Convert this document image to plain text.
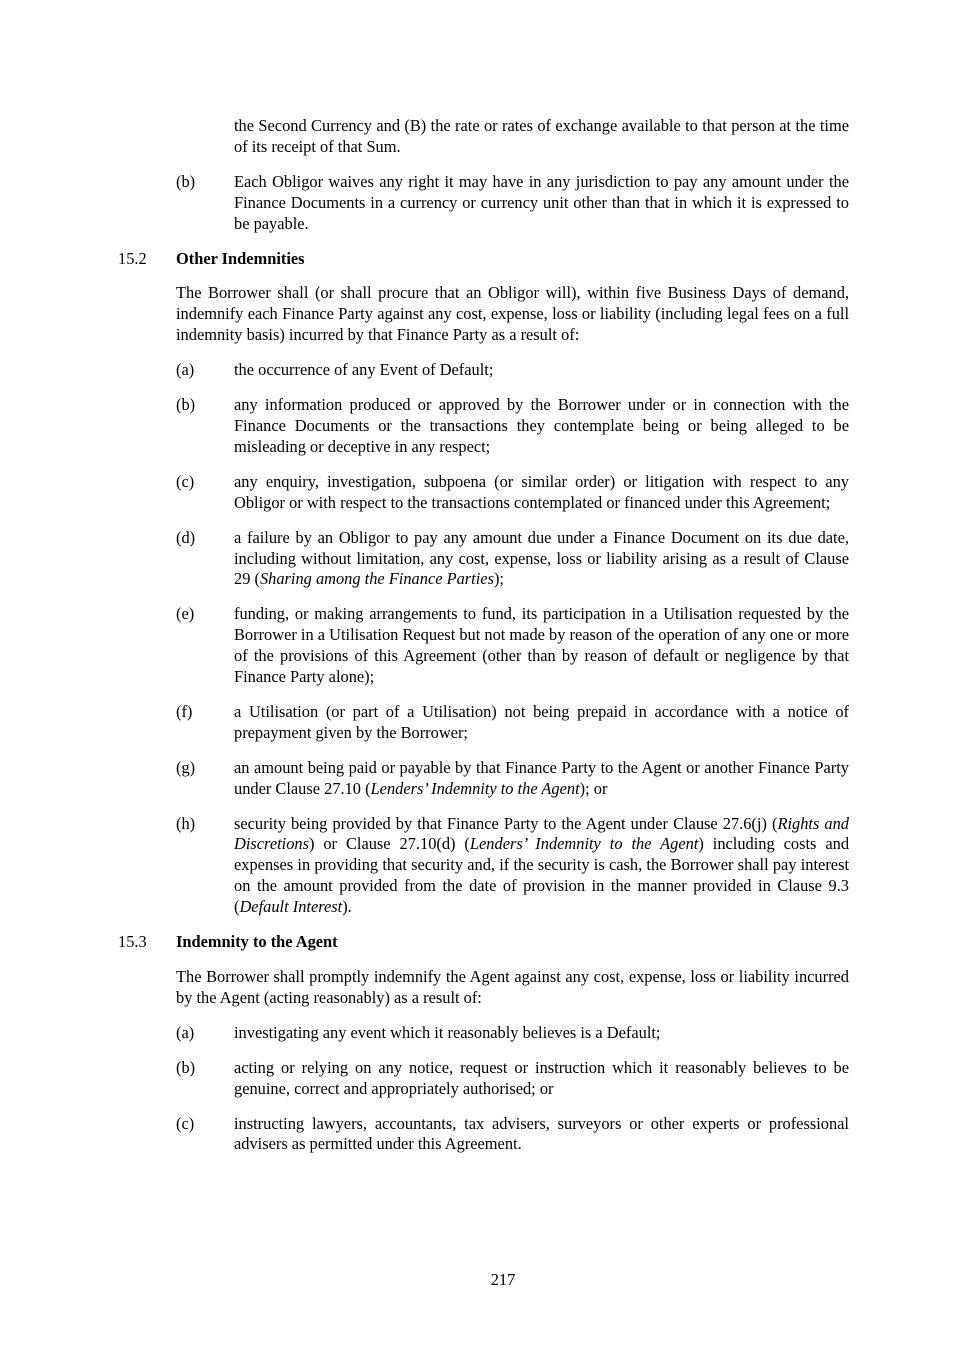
the Second Currency and (B) the rate or rates of exchange available to that person at the time of its receipt of that Sum.

(b)	Each Obligor waives any right it may have in any jurisdiction to pay any amount under the Finance Documents in a currency or currency unit other than that in which it is expressed to be payable.
15.2	Other Indemnities

The Borrower shall (or shall procure that an Obligor will), within five Business Days of demand, indemnify each Finance Party against any cost, expense, loss or liability (including legal fees on a full indemnity basis) incurred by that Finance Party as a result of:

(a)	the occurrence of any Event of Default;
(b)	any information produced or approved by the Borrower under or in connection with the Finance Documents or the transactions they contemplate being or being alleged to be misleading or deceptive in any respect;
(c)	any enquiry, investigation, subpoena (or similar order) or litigation with respect to any Obligor or with respect to the transactions contemplated or financed under this Agreement;
(d)	a failure by an Obligor to pay any amount due under a Finance Document on its due date, including without limitation, any cost, expense, loss or liability arising as a result of Clause 29 (Sharing among the Finance Parties);
(e)	funding, or making arrangements to fund, its participation in a Utilisation requested by the Borrower in a Utilisation Request but not made by reason of the operation of any one or more of the provisions of this Agreement (other than by reason of default or negligence by that Finance Party alone);
(f)	a Utilisation (or part of a Utilisation) not being prepaid in accordance with a notice of prepayment given by the Borrower;
(g)	an amount being paid or payable by that Finance Party to the Agent or another Finance Party under Clause 27.10 (Lenders’ Indemnity to the Agent); or
(h)	security being provided by that Finance Party to the Agent under Clause 27.6(j) (Rights and Discretions) or Clause 27.10(d) (Lenders’ Indemnity to the Agent) including costs and expenses in providing that security and, if the security is cash, the Borrower shall pay interest on the amount provided from the date of provision in the manner provided in Clause 9.3 (Default Interest).
15.3	Indemnity to the Agent

The Borrower shall promptly indemnify the Agent against any cost, expense, loss or liability incurred by the Agent (acting reasonably) as a result of:

(a)	investigating any event which it reasonably believes is a Default;
(b)	acting or relying on any notice, request or instruction which it reasonably believes to be genuine, correct and appropriately authorised; or
(c)	instructing lawyers, accountants, tax advisers, surveyors or other experts or professional advisers as permitted under this Agreement.
217
